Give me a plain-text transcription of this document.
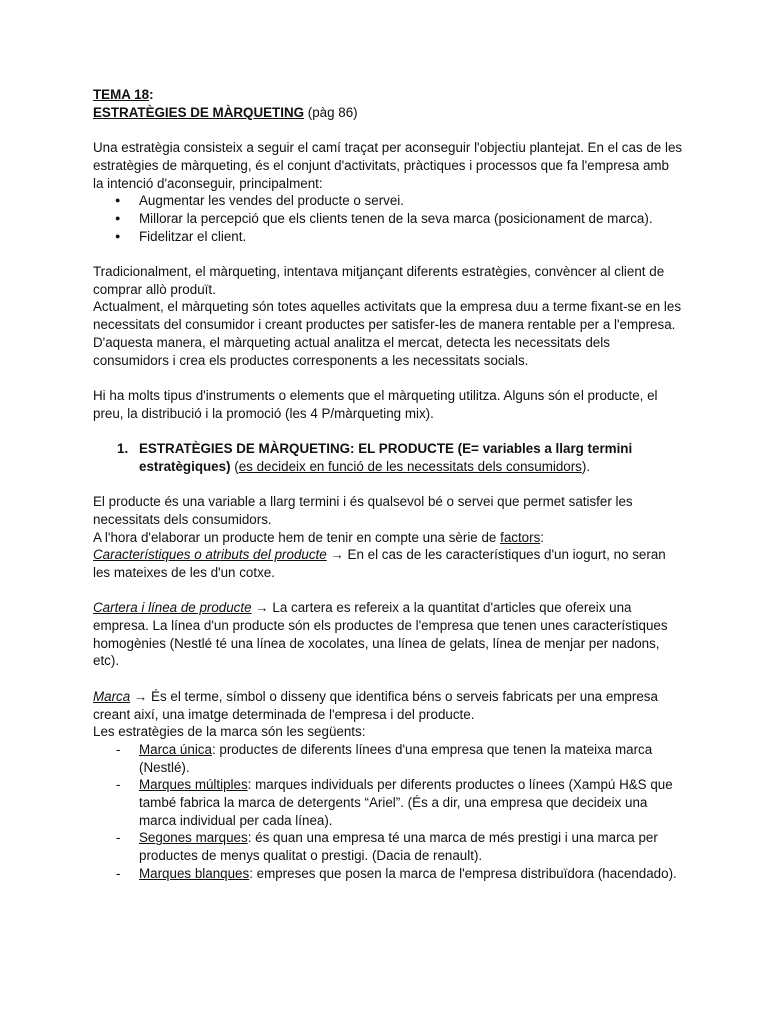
TEMA 18:

ESTRATÈGIES DE MÀRQUETING (pàg 86)

Una estratègia consisteix a seguir el camí traçat per aconseguir l'objectiu plantejat. En el cas de les estratègies de màrqueting, és el conjunt d'activitats, pràctiques i processos que fa l'empresa amb la intenció d'aconseguir, principalment:

● Augmentar les vendes del producte o servei.
● Millorar la percepció que els clients tenen de la seva marca (posicionament de marca).
● Fidelitzar el client.

Tradicionalment, el màrqueting, intentava mitjançant diferents estratègies, convèncer al client de comprar allò produït.

Actualment, el màrqueting són totes aquelles activitats que la empresa duu a terme fixant-se en les necessitats del consumidor i creant productes per satisfer-les de manera rentable per a l'empresa. D'aquesta manera, el màrqueting actual analitza el mercat, detecta les necessitats dels consumidors i crea els productes corresponents a les necessitats socials.

Hi ha molts tipus d'instruments o elements que el màrqueting utilitza. Alguns són el producte, el preu, la distribució i la promoció (les 4 P/màrqueting mix).

1. ESTRATÈGIES DE MÀRQUETING: EL PRODUCTE (E= variables a llarg termini estratègiques) (es decideix en funció de les necessitats dels consumidors).

El producte és una variable a llarg termini i és qualsevol bé o servei que permet satisfer les necessitats dels consumidors.

A l'hora d'elaborar un producte hem de tenir en compte una sèrie de factors:

Característiques o atributs del producte → En el cas de les característiques d'un iogurt, no seran les mateixes de les d'un cotxe.

Cartera i línea de producte → La cartera es refereix a la quantitat d'articles que ofereix una empresa. La línea d'un producte són els productes de l'empresa que tenen unes característiques homogènies (Nestlé té una línea de xocolates, una línea de gelats, línea de menjar per nadons, etc).

Marca → És el terme, símbol o disseny que identifica béns o serveis fabricats per una empresa creant així, una imatge determinada de l'empresa i del producte.

Les estratègies de la marca són les següents:

- Marca única: productes de diferents línees d'una empresa que tenen la mateixa marca (Nestlé).
- Marques múltiples: marques individuals per diferents productes o línees (Xampú H&S que també fabrica la marca de detergents “Ariel”. (És a dir, una empresa que decideix una marca individual per cada línea).
- Segones marques: és quan una empresa té una marca de més prestigi i una marca per productes de menys qualitat o prestigi. (Dacia de renault).
- Marques blanques: empreses que posen la marca de l'empresa distribuïdora (hacendado).
